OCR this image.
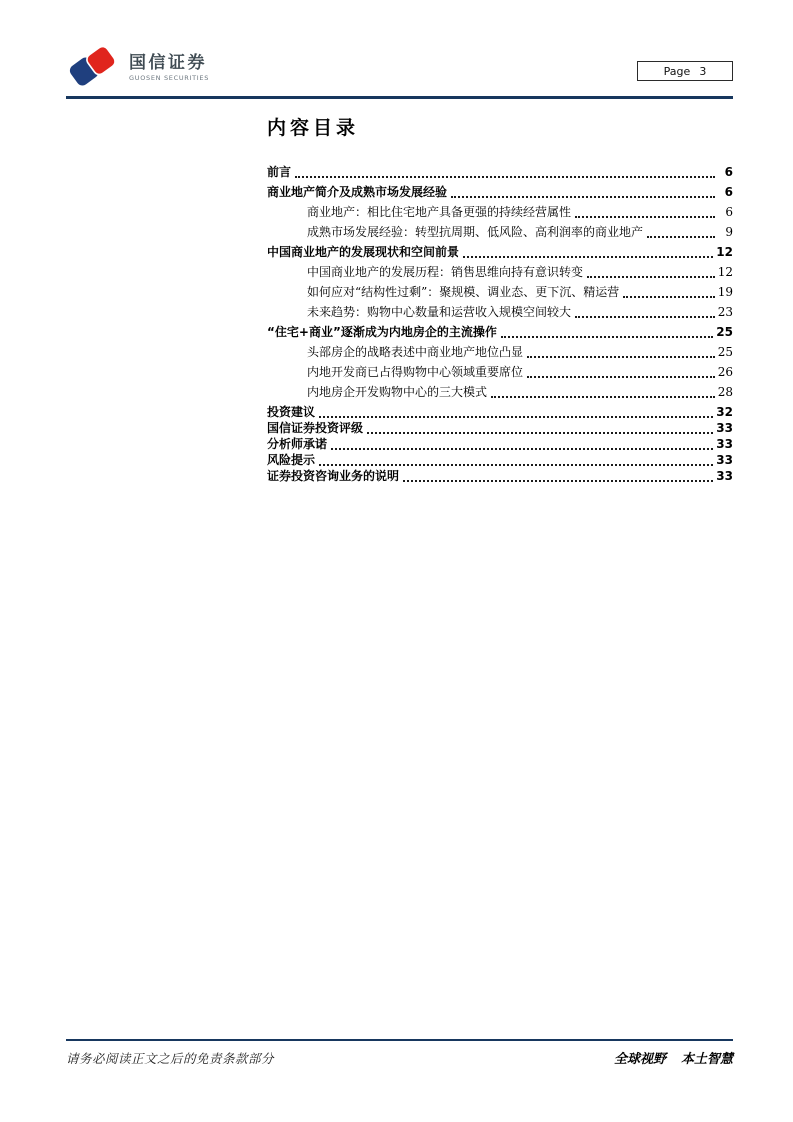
国信证券
GUOSEN SECURITIES
Page 3
内容目录
前言	6
商业地产简介及成熟市场发展经验	6
商业地产：相比住宅地产具备更强的持续经营属性	6
成熟市场发展经验：转型抗周期、低风险、高利润率的商业地产	9
中国商业地产的发展现状和空间前景	12
中国商业地产的发展历程：销售思维向持有意识转变	12
如何应对“结构性过剩”：聚规模、调业态、更下沉、精运营	19
未来趋势：购物中心数量和运营收入规模空间较大	23
“住宅+商业”逐渐成为内地房企的主流操作	25
头部房企的战略表述中商业地产地位凸显	25
内地开发商已占得购物中心领域重要席位	26
内地房企开发购物中心的三大模式	28
投资建议	32
国信证券投资评级	33
分析师承诺	33
风险提示	33
证券投资咨询业务的说明	33
请务必阅读正文之后的免责条款部分	全球视野 本土智慧
